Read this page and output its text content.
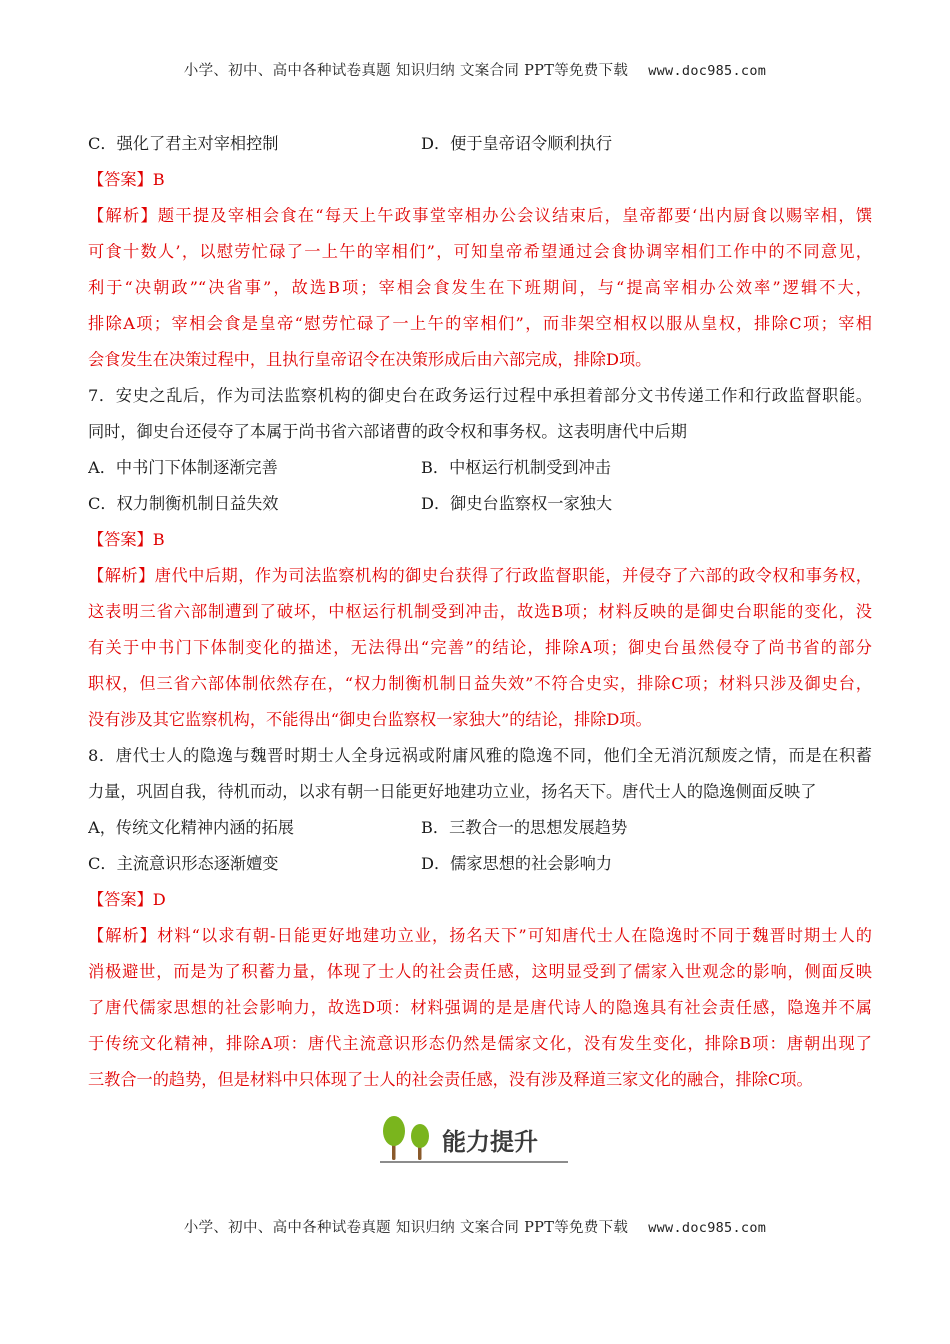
小学、初中、高中各种试卷真题 知识归纳 文案合同 PPT等免费下载 www.doc985.com
C．强化了君主对宰相控制	D．便于皇帝诏令顺利执行
【答案】B
【解析】题干提及宰相会食在“每天上午政事堂宰相办公会议结束后，皇帝都要‘出内厨食以赐宰相，馔
可食十数人’，以慰劳忙碌了一上午的宰相们”，可知皇帝希望通过会食协调宰相们工作中的不同意见，
利于“决朝政”“决省事”，故选B项；宰相会食发生在下班期间，与“提高宰相办公效率”逻辑不大，
排除A项；宰相会食是皇帝“慰劳忙碌了一上午的宰相们”，而非架空相权以服从皇权，排除C项；宰相
会食发生在决策过程中，且执行皇帝诏令在决策形成后由六部完成，排除D项。
7．安史之乱后，作为司法监察机构的御史台在政务运行过程中承担着部分文书传递工作和行政监督职能。
同时，御史台还侵夺了本属于尚书省六部诸曹的政令权和事务权。这表明唐代中后期
A．中书门下体制逐渐完善	B．中枢运行机制受到冲击
C．权力制衡机制日益失效	D．御史台监察权一家独大
【答案】B
【解析】唐代中后期，作为司法监察机构的御史台获得了行政监督职能，并侵夺了六部的政令权和事务权，
这表明三省六部制遭到了破坏，中枢运行机制受到冲击，故选B项；材料反映的是御史台职能的变化，没
有关于中书门下体制变化的描述，无法得出“完善”的结论，排除A项；御史台虽然侵夺了尚书省的部分
职权，但三省六部体制依然存在，“权力制衡机制日益失效”不符合史实，排除C项；材料只涉及御史台，
没有涉及其它监察机构，不能得出“御史台监察权一家独大”的结论，排除D项。
8．唐代士人的隐逸与魏晋时期士人全身远祸或附庸风雅的隐逸不同，他们全无消沉颓废之情，而是在积蓄
力量，巩固自我，待机而动，以求有朝一日能更好地建功立业，扬名天下。唐代士人的隐逸侧面反映了
A，传统文化精神内涵的拓展	B．三教合一的思想发展趋势
C．主流意识形态逐渐嬗变	D．儒家思想的社会影响力
【答案】D
【解析】材料“以求有朝-日能更好地建功立业，扬名天下”可知唐代士人在隐逸时不同于魏晋时期士人的
消极避世，而是为了积蓄力量，体现了士人的社会责任感，这明显受到了儒家入世观念的影响，侧面反映
了唐代儒家思想的社会影响力，故选D项：材料强调的是是唐代诗人的隐逸具有社会责任感，隐逸并不属
于传统文化精神，排除A项：唐代主流意识形态仍然是儒家文化，没有发生变化，排除B项：唐朝出现了
三教合一的趋势，但是材料中只体现了士人的社会责任感，没有涉及释道三家文化的融合，排除C项。
能力提升
小学、初中、高中各种试卷真题 知识归纳 文案合同 PPT等免费下载 www.doc985.com
